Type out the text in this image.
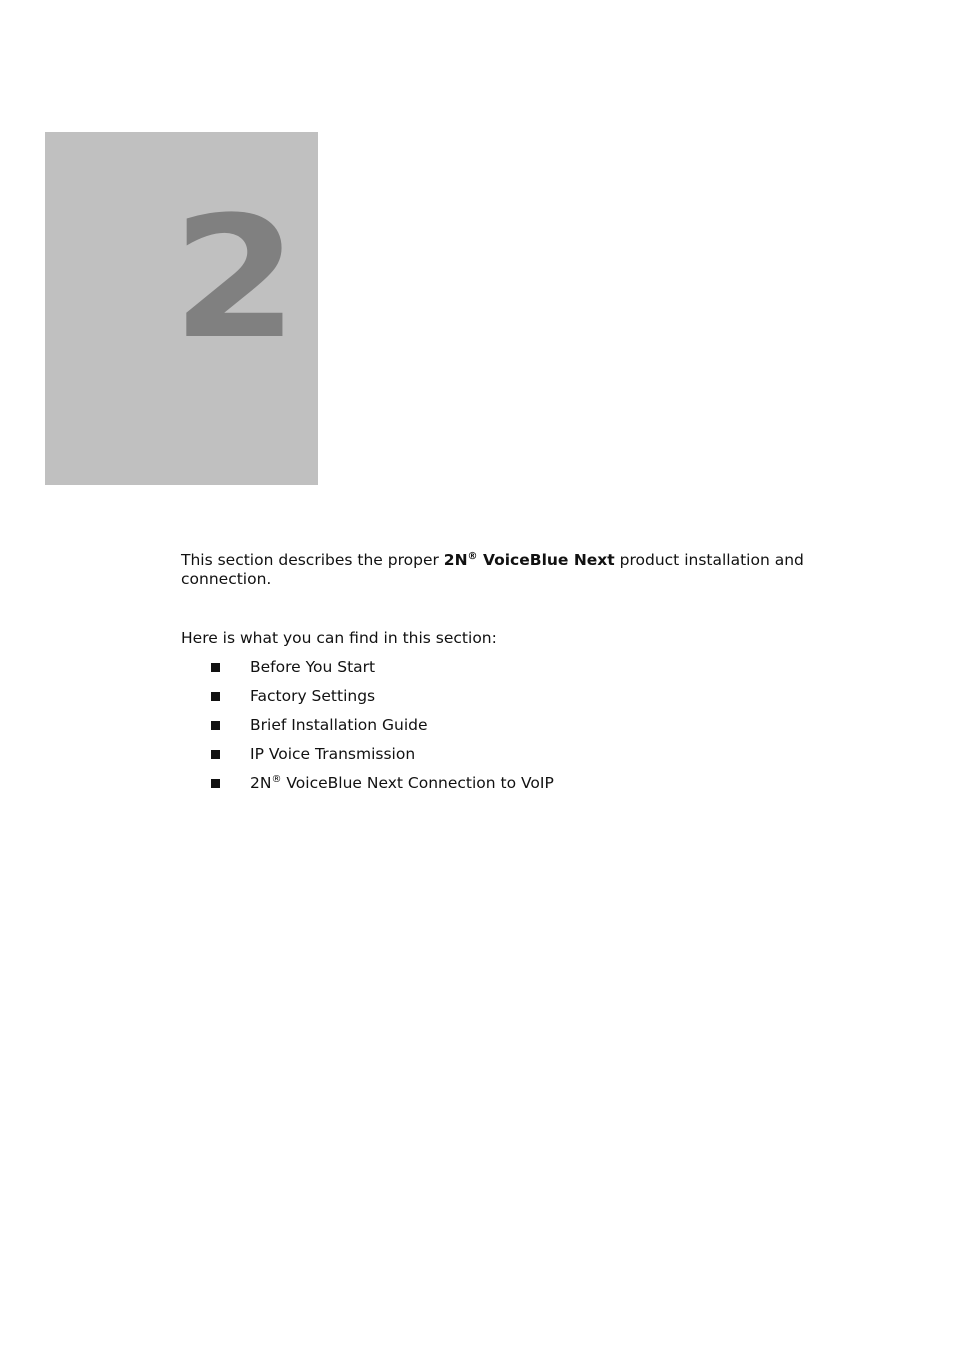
2
This section describes the proper 2N® VoiceBlue Next product installation and connection.
Here is what you can find in this section:
Before You Start
Factory Settings
Brief Installation Guide
IP Voice Transmission
2N® VoiceBlue Next Connection to VoIP
